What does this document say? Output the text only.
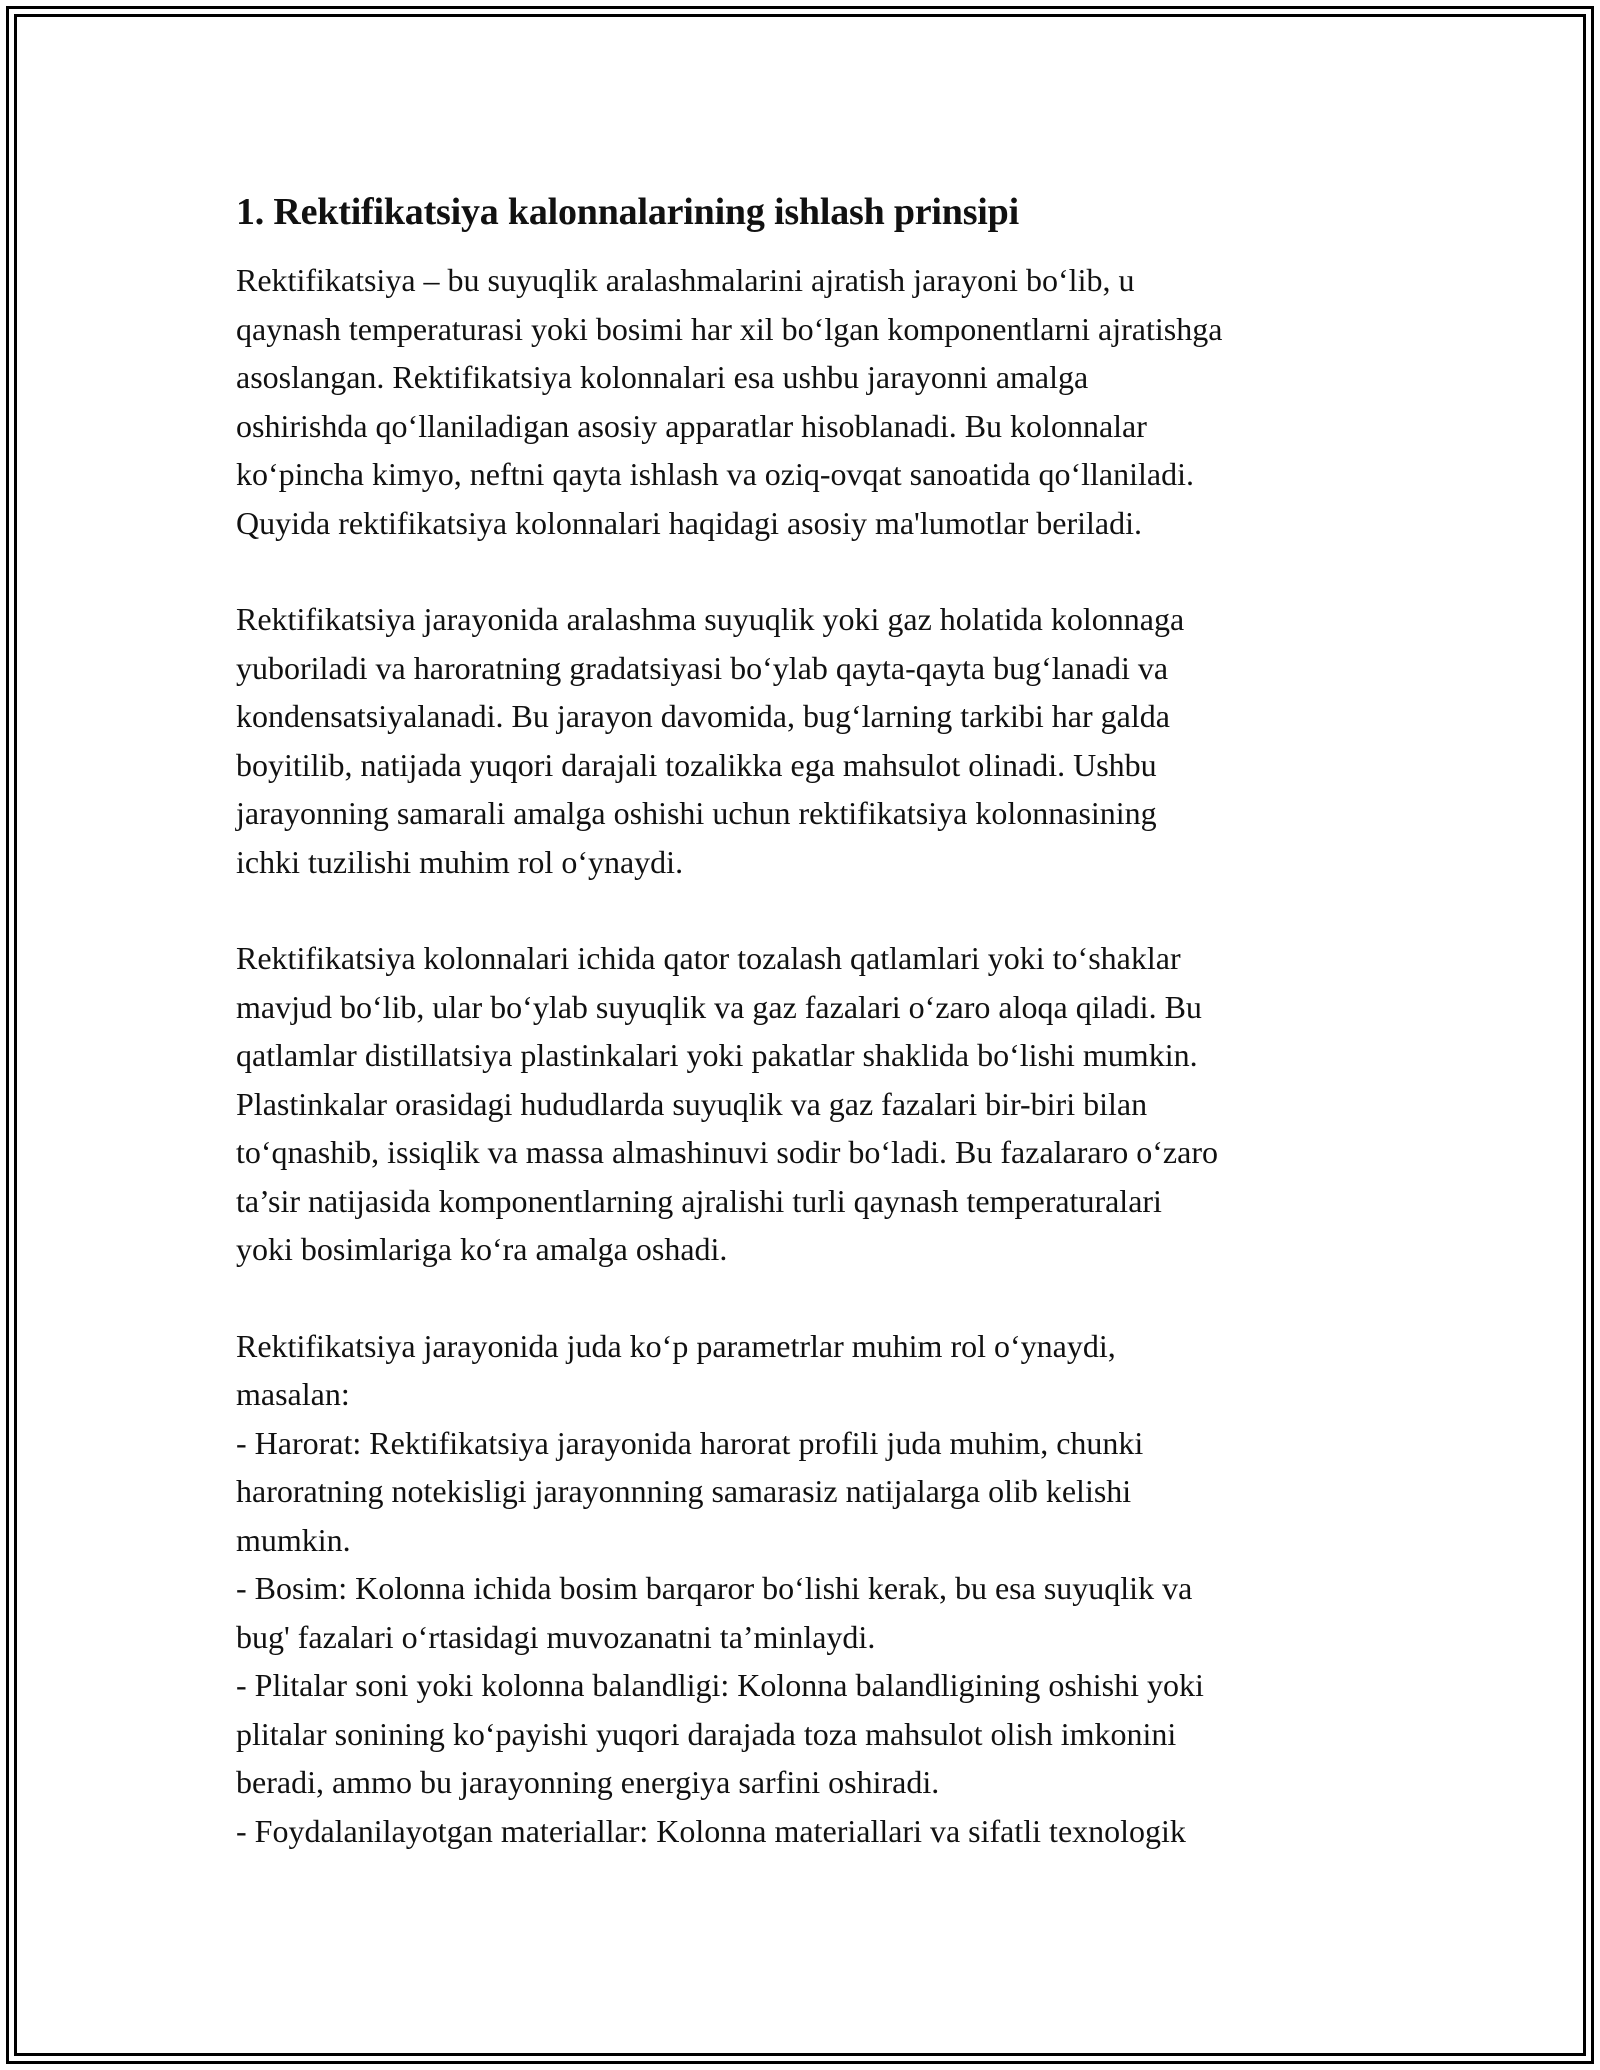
1. Rektifikatsiya kalonnalarining ishlash prinsipi

Rektifikatsiya – bu suyuqlik aralashmalarini ajratish jarayoni bo‘lib, u
qaynash temperaturasi yoki bosimi har xil bo‘lgan komponentlarni ajratishga
asoslangan. Rektifikatsiya kolonnalari esa ushbu jarayonni amalga
oshirishda qo‘llaniladigan asosiy apparatlar hisoblanadi. Bu kolonnalar
ko‘pincha kimyo, neftni qayta ishlash va oziq-ovqat sanoatida qo‘llaniladi.
Quyida rektifikatsiya kolonnalari haqidagi asosiy ma'lumotlar beriladi.

Rektifikatsiya jarayonida aralashma suyuqlik yoki gaz holatida kolonnaga
yuboriladi va haroratning gradatsiyasi bo‘ylab qayta-qayta bug‘lanadi va
kondensatsiyalanadi. Bu jarayon davomida, bug‘larning tarkibi har galda
boyitilib, natijada yuqori darajali tozalikka ega mahsulot olinadi. Ushbu
jarayonning samarali amalga oshishi uchun rektifikatsiya kolonnasining
ichki tuzilishi muhim rol o‘ynaydi.

Rektifikatsiya kolonnalari ichida qator tozalash qatlamlari yoki to‘shaklar
mavjud bo‘lib, ular bo‘ylab suyuqlik va gaz fazalari o‘zaro aloqa qiladi. Bu
qatlamlar distillatsiya plastinkalari yoki pakatlar shaklida bo‘lishi mumkin.
Plastinkalar orasidagi hududlarda suyuqlik va gaz fazalari bir-biri bilan
to‘qnashib, issiqlik va massa almashinuvi sodir bo‘ladi. Bu fazalararo o‘zaro
ta’sir natijasida komponentlarning ajralishi turli qaynash temperaturalari
yoki bosimlariga ko‘ra amalga oshadi.

Rektifikatsiya jarayonida juda ko‘p parametrlar muhim rol o‘ynaydi,
masalan:
- Harorat: Rektifikatsiya jarayonida harorat profili juda muhim, chunki
haroratning notekisligi jarayonnning samarasiz natijalarga olib kelishi
mumkin.
- Bosim: Kolonna ichida bosim barqaror bo‘lishi kerak, bu esa suyuqlik va
bug' fazalari o‘rtasidagi muvozanatni ta’minlaydi.
- Plitalar soni yoki kolonna balandligi: Kolonna balandligining oshishi yoki
plitalar sonining ko‘payishi yuqori darajada toza mahsulot olish imkonini
beradi, ammo bu jarayonning energiya sarfini oshiradi.
- Foydalanilayotgan materiallar: Kolonna materiallari va sifatli texnologik
